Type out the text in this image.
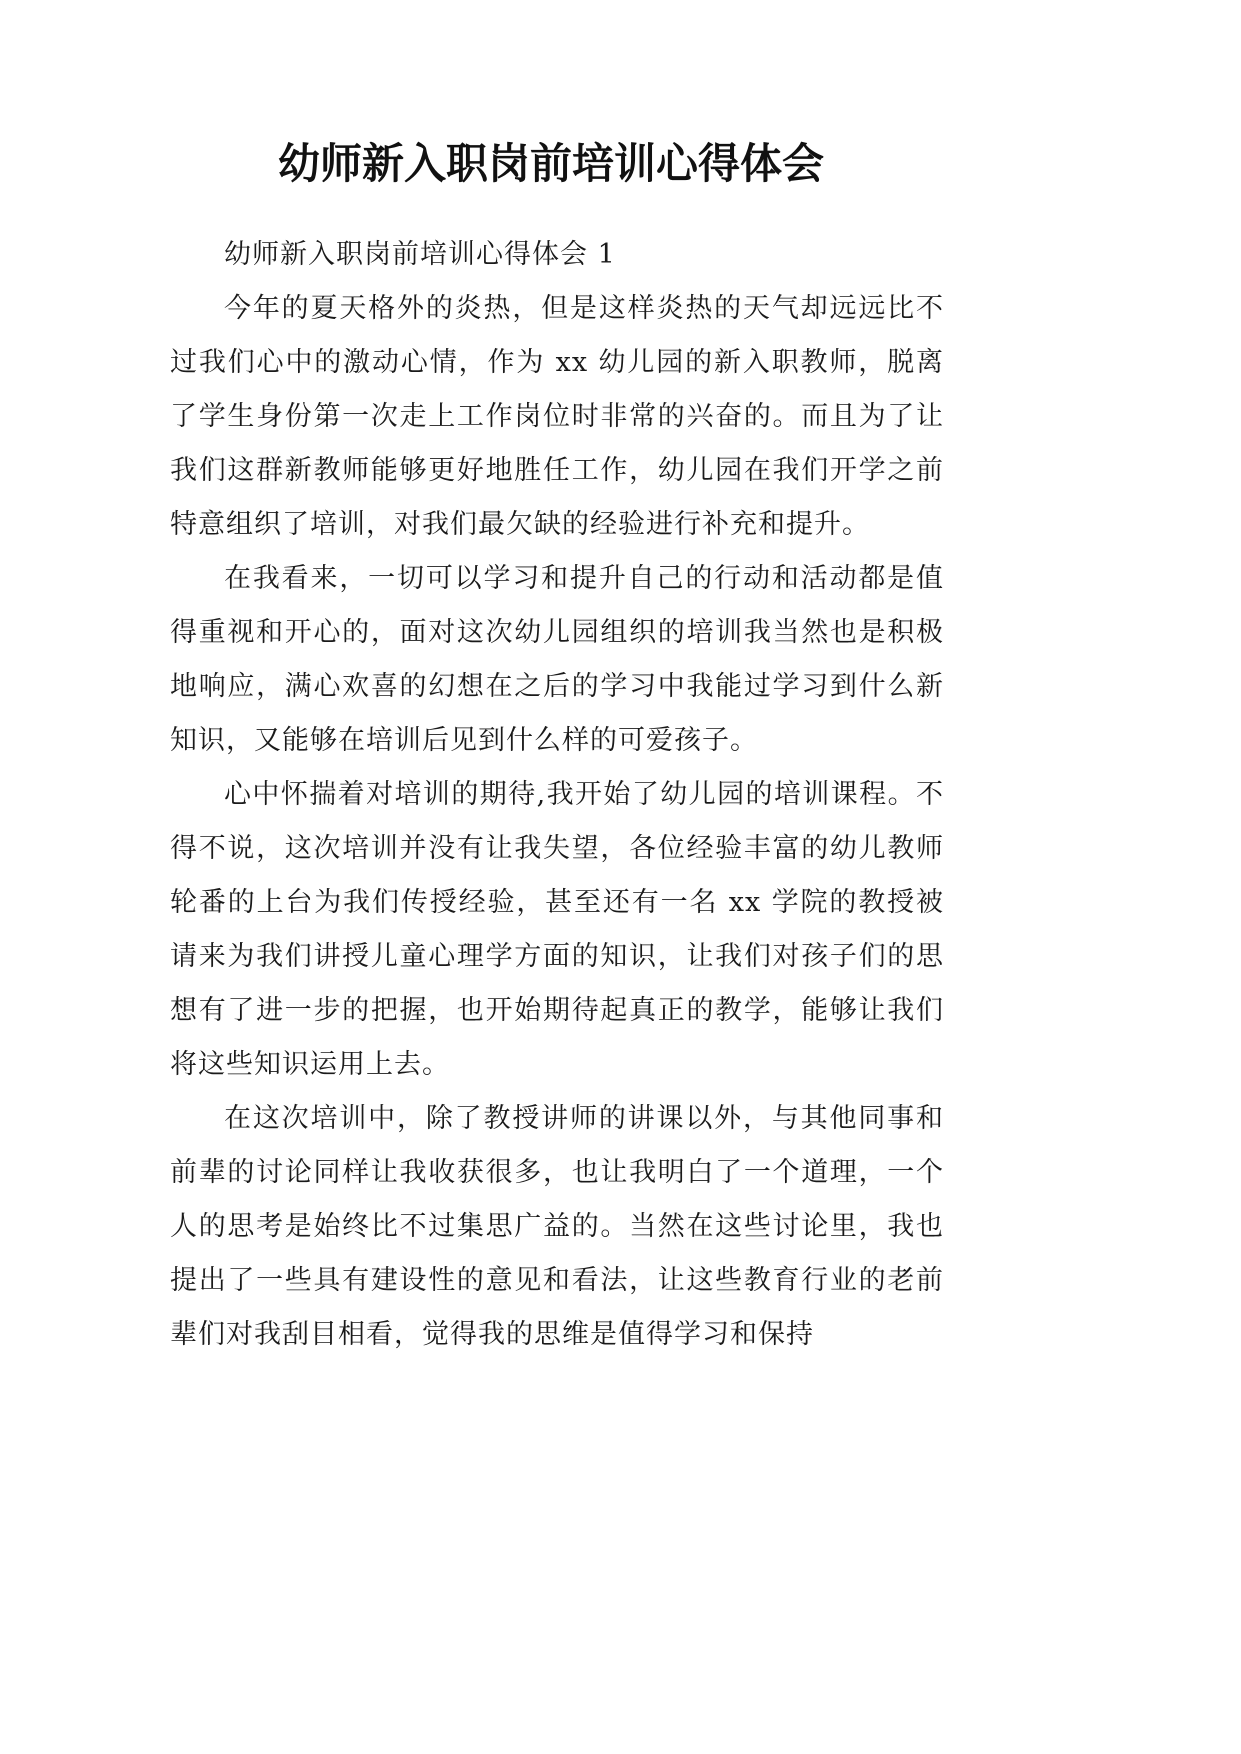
幼师新入职岗前培训心得体会

幼师新入职岗前培训心得体会 1

今年的夏天格外的炎热，但是这样炎热的天气却远远比不过我们心中的激动心情，作为 xx 幼儿园的新入职教师，脱离了学生身份第一次走上工作岗位时非常的兴奋的。而且为了让我们这群新教师能够更好地胜任工作，幼儿园在我们开学之前特意组织了培训，对我们最欠缺的经验进行补充和提升。

在我看来，一切可以学习和提升自己的行动和活动都是值得重视和开心的，面对这次幼儿园组织的培训我当然也是积极地响应，满心欢喜的幻想在之后的学习中我能过学习到什么新知识，又能够在培训后见到什么样的可爱孩子。

心中怀揣着对培训的期待,我开始了幼儿园的培训课程。不得不说，这次培训并没有让我失望，各位经验丰富的幼儿教师轮番的上台为我们传授经验，甚至还有一名 xx 学院的教授被请来为我们讲授儿童心理学方面的知识，让我们对孩子们的思想有了进一步的把握，也开始期待起真正的教学，能够让我们将这些知识运用上去。

在这次培训中，除了教授讲师的讲课以外，与其他同事和前辈的讨论同样让我收获很多，也让我明白了一个道理，一个人的思考是始终比不过集思广益的。当然在这些讨论里，我也提出了一些具有建设性的意见和看法，让这些教育行业的老前辈们对我刮目相看，觉得我的思维是值得学习和保持
